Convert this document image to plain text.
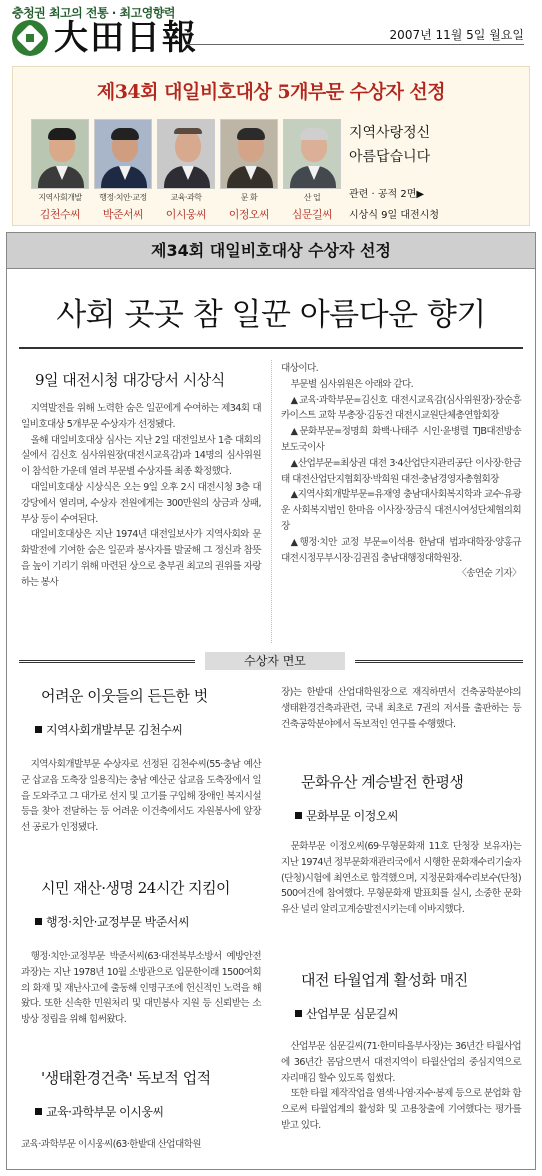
충청권 최고의 전통 · 최고영향력
大田日報	2007년 11월 5일 월요일
제34회 대일비호대상 5개부문 수상자 선정
지역사회개발
김천수씨
행정·치안·교정
박준서씨
교육·과학
이시웅씨
문 화
이정오씨
산 업
심문길씨
지역사랑정신
아름답습니다
관련 · 공적 2면▶
시상식 9일 대전시청
제34회 대일비호대상 수상자 선정
사회 곳곳 참 일꾼 아름다운 향기
9일 대전시청 대강당서 시상식

지역발전을 위해 노력한 숨은 일꾼에게 수여하는 제34회 대일비호대상 5개부문 수상자가 선정됐다.

올해 대일비호대상 심사는 지난 2일 대전일보사 1층 대회의실에서 김신호 심사위원장(대전시교육감)과 14명의 심사위원이 참석한 가운데 열려 부문별 수상자를 최종 확정했다.

대일비호대상 시상식은 오는 9일 오후 2시 대전시청 3층 대강당에서 열리며, 수상자 전원에게는 300만원의 상금과 상패, 부상 등이 수여된다.

대일비호대상은 지난 1974년 대전일보사가 지역사회와 문화발전에 기여한 숨은 일꾼과 봉사자를 발굴해 그 정신과 참뜻을 높이 기리기 위해 마련된 상으로 충부권 최고의 권위를 자랑하는 봉사

대상이다.

부문별 심사위원은 아래와 같다.

▲교육·과학부문=김신호 대전시교육감(심사위원장)·장순흥 카이스트 교학 부총장·김동건 대전시교원단체총연합회장

▲문화부문=정명희 화백·나태주 시인·윤병렬 TJB대전방송 보도국이사

▲산업부문=최상권 대전 3·4산업단지관리공단 이사장·한금태 대전산업단지협회장·박희원 대전·충남경영자총협회장

▲지역사회개발부문=유재영 충남대사회복지학과 교수·유광운 사회복지법인 한마음 이사장·장금식 대전시여성단체협의회장

▲행정·치안 교정 부문=이석용 한남대 법과대학장·양홍규 대전시정무부시장·김권집 충남대행정대학원장.

〈송연순 기자〉
수상자 면모
어려운 이웃들의 든든한 벗
지역사회개발부문 김천수씨

지역사회개발부문 수상자로 선정된 김천수씨(55·충남 예산군 삽교읍 도축장 일용직)는 충남 예산군 삽교읍 도축장에서 일을 도와주고 그 대가로 선지 및 고기를 구입해 장애인 복지시설 등을 찾아 전달하는 등 어려운 이건축에서도 자원봉사에 앞장선 공로가 인정됐다.

시민 재산·생명 24시간 지킴이
행정·치안·교정부문 박준서씨

행정·치안·교정부문 박준서씨(63·대전북부소방서 예방안전과장)는 지난 1978년 10월 소방관으로 입문한이래 1500여회의 화재 및 재난사고에 출동해 인명구조에 헌신적인 노력을 해왔다. 또한 신속한 민원처리 및 대민봉사 지원 등 신뢰받는 소방상 정립을 위해 힘써왔다.

'생태환경건축' 독보적 업적
교육·과학부문 이시웅씨

교육·과학부문 이시웅씨(63·한밭대 산업대학원

장)는 한밭대 산업대학원장으로 재직하면서 건축공학분야의 생태환경건축과관련, 국내 최초로 7권의 저서를 출판하는 등 건축공학분야에서 독보적인 연구를 수행했다.

문화유산 계승발전 한평생
문화부문 이정오씨

문화부문 이정오씨(69·무형문화재 11호 단청장 보유자)는 지난 1974년 정부문화재관리국에서 시행한 문화재수리기술자(단청)시험에 최연소로 합격했으며, 지정문화재수리보수(단청) 500여건에 참여했다. 무형문화재 발표회를 실시, 소중한 문화유산 널리 알리고계승발전시키는데 이바지했다.

대전 타월업계 활성화 매진
산업부문 심문길씨

산업부문 심문길씨(71·한미타올부사장)는 36년간 타월사업에 36년간 몸담으면서 대전지역이 타월산업의 중심지역으로 자리매김 할수 있도록 힘썼다.

또한 타월 제작작업을 염색·나염·자수·봉제 등으로 분업화 함으로써 타월업계의 활성화 및 고용창출에 기여했다는 평가를 받고 있다.
